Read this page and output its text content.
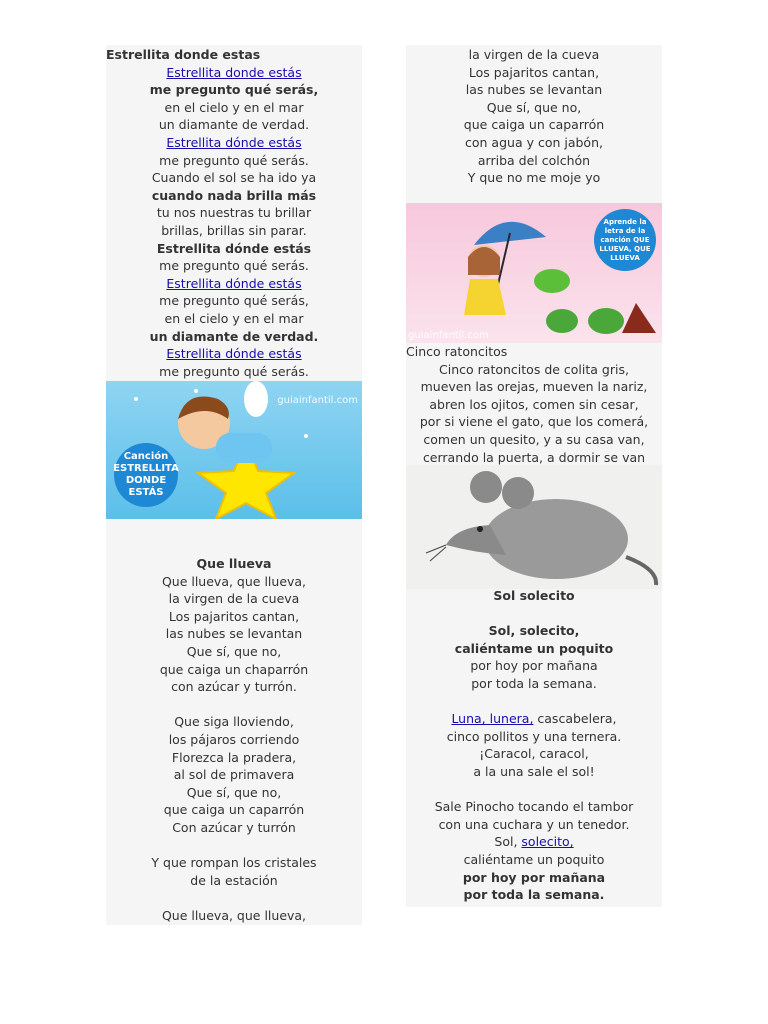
Estrellita donde estas
Estrellita donde estás
me pregunto qué serás,
en el cielo y en el mar
un diamante de verdad.
Estrellita dónde estás
me pregunto qué serás.
Cuando el sol se ha ido ya
cuando nada brilla más
tu nos nuestras tu brillar
brillas, brillas sin parar.
Estrellita dónde estás
me pregunto qué serás.
Estrellita dónde estás
me pregunto qué serás,
en el cielo y en el mar
un diamante de verdad.
Estrellita dónde estás
me pregunto qué serás.
Canción ESTRELLITA DONDE ESTÁS
guiainfantil.com
Que llueva
Que llueva, que llueva,
la virgen de la cueva
Los pajaritos cantan,
las nubes se levantan
Que sí, que no,
que caiga un chaparrón
con azúcar y turrón.
Que siga lloviendo,
los pájaros corriendo
Florezca la pradera,
al sol de primavera
Que sí, que no,
que caiga un caparrón
Con azúcar y turrón
Y que rompan los cristales
de la estación
Que llueva, que llueva,
la virgen de la cueva
Los pajaritos cantan,
las nubes se levantan
Que sí, que no,
que caiga un caparrón
con agua y con jabón,
arriba del colchón
Y que no me moje yo
Aprende la letra de la canción QUE LLUEVA, QUE LLUEVA
guiainfantil.com
Cinco ratoncitos
Cinco ratoncitos de colita gris,
mueven las orejas, mueven la nariz,
abren los ojitos, comen sin cesar,
por si viene el gato, que los comerá,
comen un quesito, y a su casa van,
cerrando la puerta, a dormir se van
Sol solecito
Sol, solecito,
caliéntame un poquito
por hoy por mañana
por toda la semana.
Luna, lunera, cascabelera,
cinco pollitos y una ternera.
¡Caracol, caracol,
a la una sale el sol!
Sale Pinocho tocando el tambor
con una cuchara y un tenedor.
Sol, solecito,
caliéntame un poquito
por hoy por mañana
por toda la semana.
